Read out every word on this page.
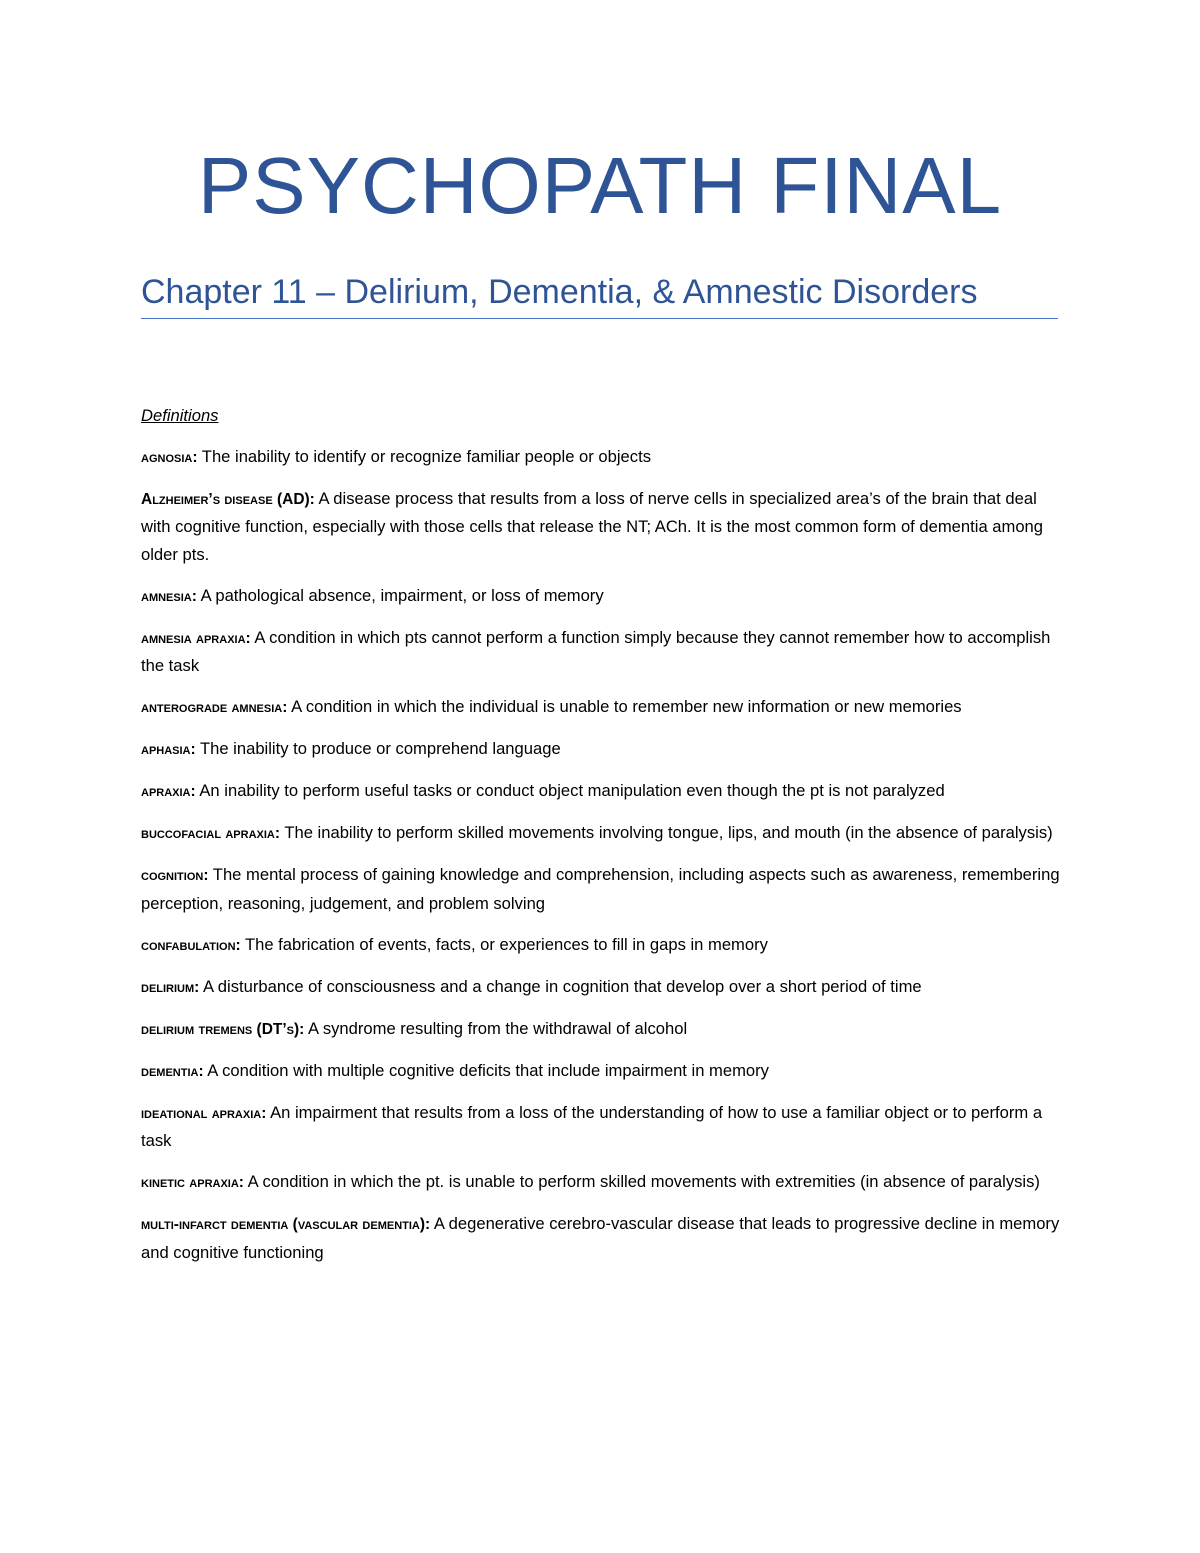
PSYCHOPATH FINAL
Chapter 11 – Delirium, Dementia, & Amnestic Disorders

Definitions

agnosia: The inability to identify or recognize familiar people or objects

Alzheimer’s disease (AD): A disease process that results from a loss of nerve cells in specialized area’s of the brain that deal with cognitive function, especially with those cells that release the NT; ACh. It is the most common form of dementia among older pts.

amnesia: A pathological absence, impairment, or loss of memory

amnesia apraxia: A condition in which pts cannot perform a function simply because they cannot remember how to accomplish the task

anterograde amnesia: A condition in which the individual is unable to remember new information or new memories

aphasia: The inability to produce or comprehend language

apraxia: An inability to perform useful tasks or conduct object manipulation even though the pt is not paralyzed

buccofacial apraxia: The inability to perform skilled movements involving tongue, lips, and mouth (in the absence of paralysis)

cognition: The mental process of gaining knowledge and comprehension, including aspects such as awareness, remembering perception, reasoning, judgement, and problem solving

confabulation: The fabrication of events, facts, or experiences to fill in gaps in memory

delirium: A disturbance of consciousness and a change in cognition that develop over a short period of time

delirium tremens (DT’s): A syndrome resulting from the withdrawal of alcohol

dementia: A condition with multiple cognitive deficits that include impairment in memory

ideational apraxia: An impairment that results from a loss of the understanding of how to use a familiar object or to perform a task

kinetic apraxia: A condition in which the pt. is unable to perform skilled movements with extremities (in absence of paralysis)

multi-infarct dementia (vascular dementia): A degenerative cerebro-vascular disease that leads to progressive decline in memory and cognitive functioning
